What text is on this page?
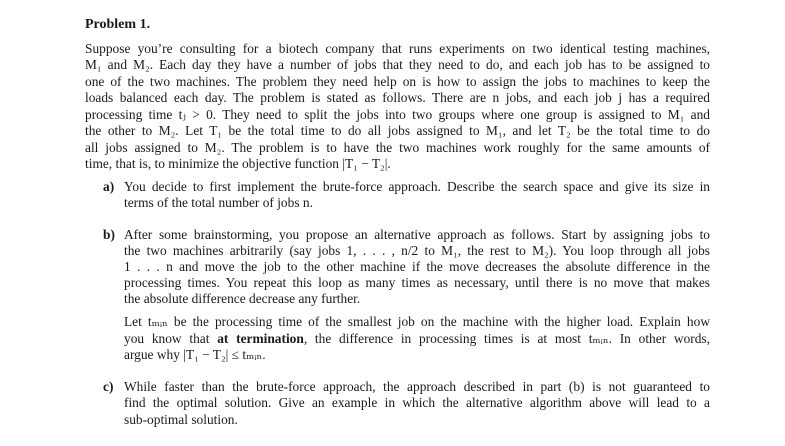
Problem 1.
Suppose you’re consulting for a biotech company that runs experiments on two identical testing machines,
M₁ and M₂. Each day they have a number of jobs that they need to do, and each job has to be assigned to
one of the two machines. The problem they need help on is how to assign the jobs to machines to keep the
loads balanced each day. The problem is stated as follows. There are n jobs, and each job j has a required
processing time tⱼ > 0. They need to split the jobs into two groups where one group is assigned to M₁ and
the other to M₂. Let T₁ be the total time to do all jobs assigned to M₁, and let T₂ be the total time to do
all jobs assigned to M₂. The problem is to have the two machines work roughly for the same amounts of
time, that is, to minimize the objective function |T₁ − T₂|.
a) You decide to first implement the brute-force approach. Describe the search space and give its size in
terms of the total number of jobs n.
b) After some brainstorming, you propose an alternative approach as follows. Start by assigning jobs to
the two machines arbitrarily (say jobs 1, . . . , n/2 to M₁, the rest to M₂). You loop through all jobs
1 . . . n and move the job to the other machine if the move decreases the absolute difference in the
processing times. You repeat this loop as many times as necessary, until there is no move that makes
the absolute difference decrease any further.
Let tₘᵢₙ be the processing time of the smallest job on the machine with the higher load. Explain how
you know that at termination, the difference in processing times is at most tₘᵢₙ. In other words,
argue why |T₁ − T₂| ≤ tₘᵢₙ.
c) While faster than the brute-force approach, the approach described in part (b) is not guaranteed to
find the optimal solution. Give an example in which the alternative algorithm above will lead to a
sub-optimal solution.
